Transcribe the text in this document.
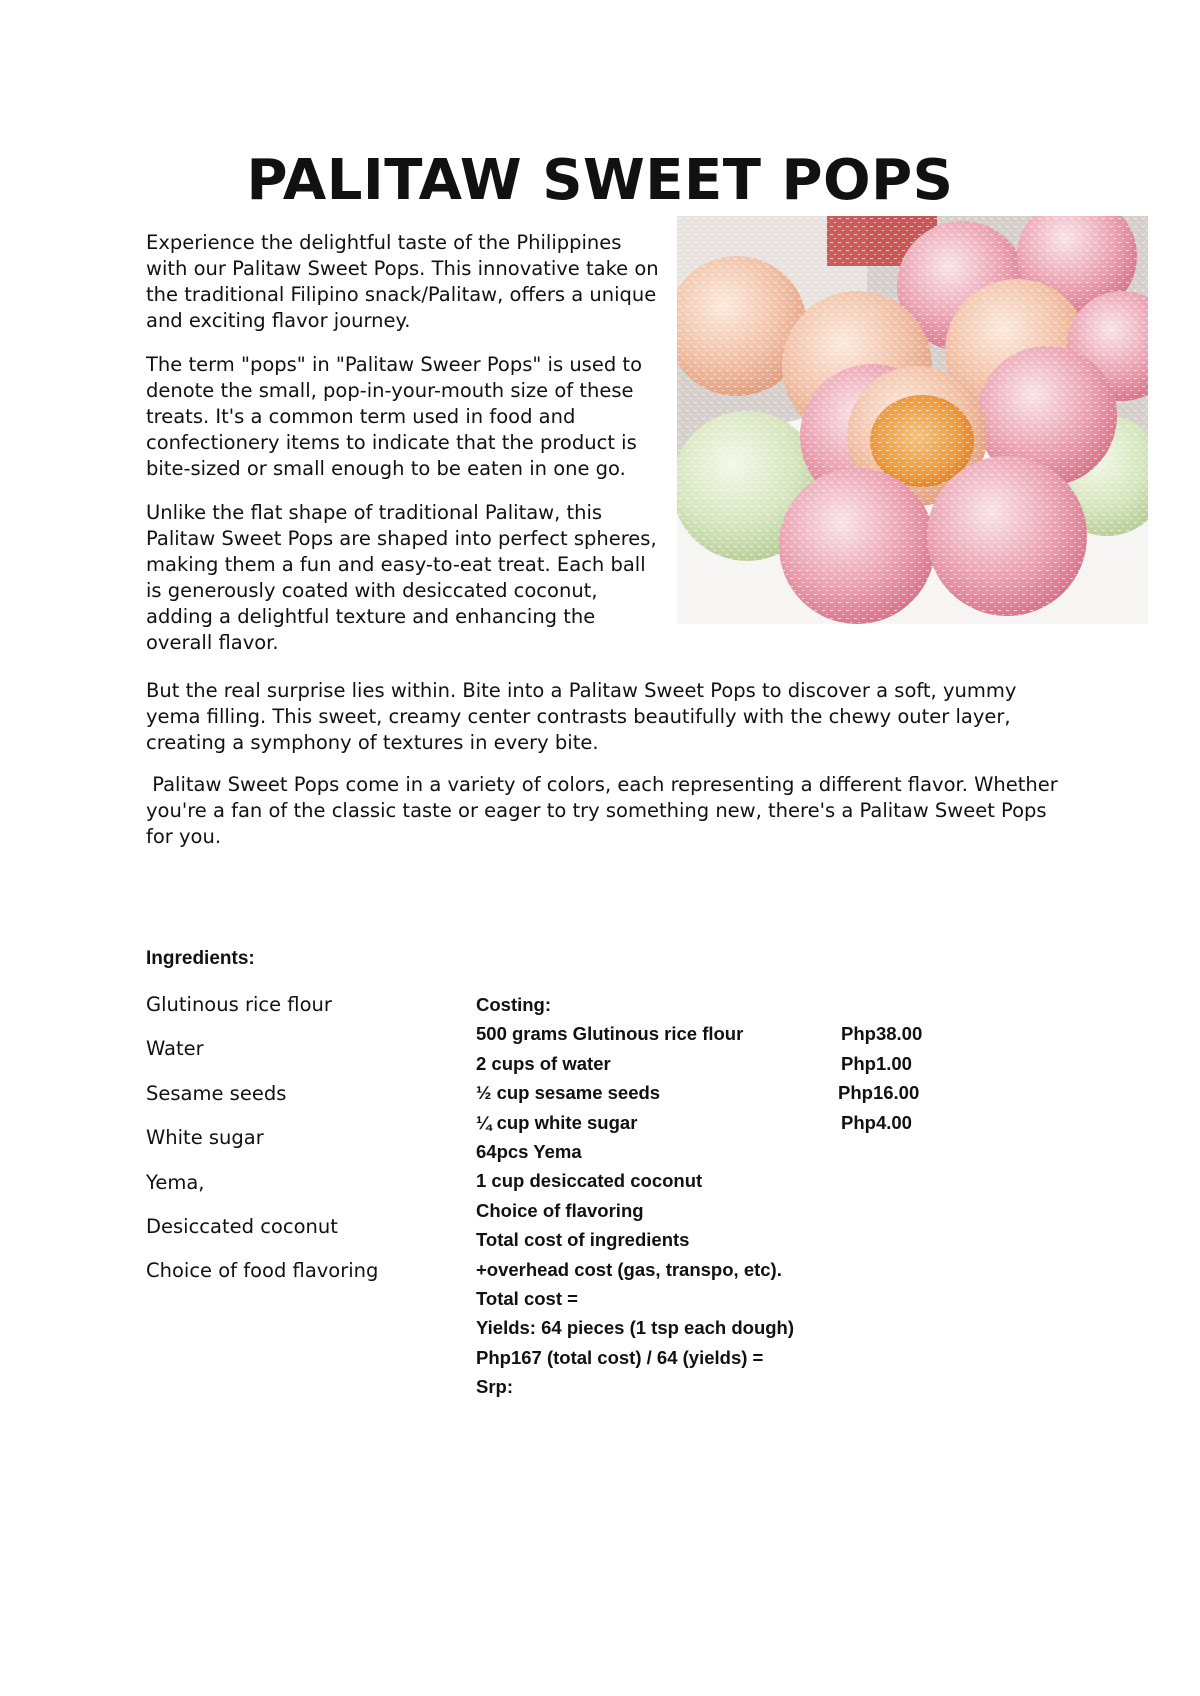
PALITAW SWEET POPS

Experience the delightful taste of the Philippines with our Palitaw Sweet Pops. This innovative take on the traditional Filipino snack/Palitaw, offers a unique and exciting flavor journey.

The term "pops" in "Palitaw Sweer Pops" is used to denote the small, pop-in-your-mouth size of these treats. It's a common term used in food and confectionery items to indicate that the product is bite-sized or small enough to be eaten in one go.

Unlike the flat shape of traditional Palitaw, this Palitaw Sweet Pops are shaped into perfect spheres, making them a fun and easy-to-eat treat. Each ball is generously coated with desiccated coconut, adding a delightful texture and enhancing the overall flavor.

But the real surprise lies within. Bite into a Palitaw Sweet Pops to discover a soft, yummy yema filling. This sweet, creamy center contrasts beautifully with the chewy outer layer, creating a symphony of textures in every bite.

Palitaw Sweet Pops come in a variety of colors, each representing a different flavor. Whether you're a fan of the classic taste or eager to try something new, there's a Palitaw Sweet Pops for you.

Ingredients:
Glutinous rice flour
Water
Sesame seeds
White sugar
Yema,
Desiccated coconut
Choice of food flavoring
Costing:
500 grams Glutinous rice flour	Php38.00
2 cups of water	Php1.00
½ cup sesame seeds	Php16.00
¼ cup white sugar	Php4.00
64pcs Yema
1 cup desiccated coconut
Choice of flavoring
Total cost of ingredients
+overhead cost (gas, transpo, etc).
Total cost =
Yields: 64 pieces (1 tsp each dough)
Php167 (total cost) / 64 (yields) =
Srp:
